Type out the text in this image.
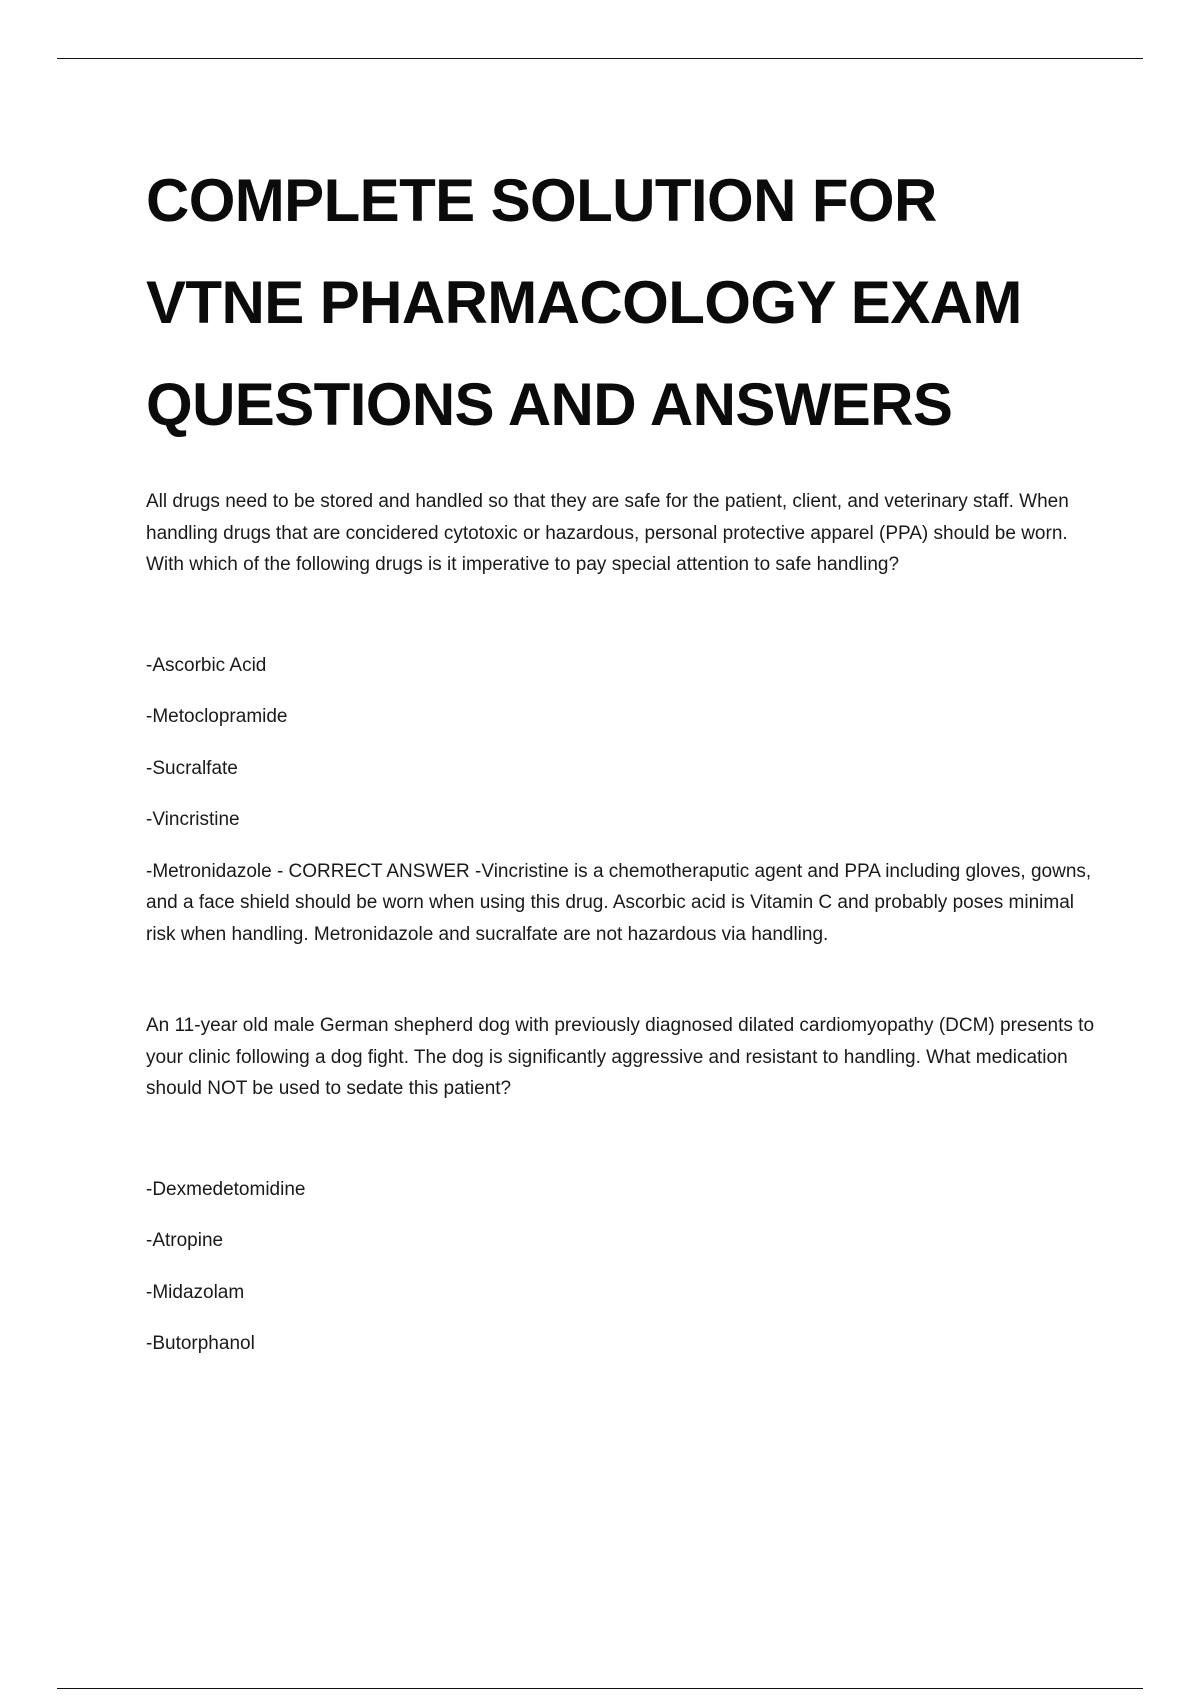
COMPLETE SOLUTION FOR
VTNE PHARMACOLOGY EXAM
QUESTIONS AND ANSWERS

All drugs need to be stored and handled so that they are safe for the patient, client, and veterinary staff. When handling drugs that are concidered cytotoxic or hazardous, personal protective apparel (PPA) should be worn. With which of the following drugs is it imperative to pay special attention to safe handling?

-Ascorbic Acid
-Metoclopramide
-Sucralfate
-Vincristine
-Metronidazole - CORRECT ANSWER -Vincristine is a chemotheraputic agent and PPA including gloves, gowns, and a face shield should be worn when using this drug. Ascorbic acid is Vitamin C and probably poses minimal risk when handling. Metronidazole and sucralfate are not hazardous via handling.

An 11-year old male German shepherd dog with previously diagnosed dilated cardiomyopathy (DCM) presents to your clinic following a dog fight. The dog is significantly aggressive and resistant to handling. What medication should NOT be used to sedate this patient?

-Dexmedetomidine
-Atropine
-Midazolam
-Butorphanol
